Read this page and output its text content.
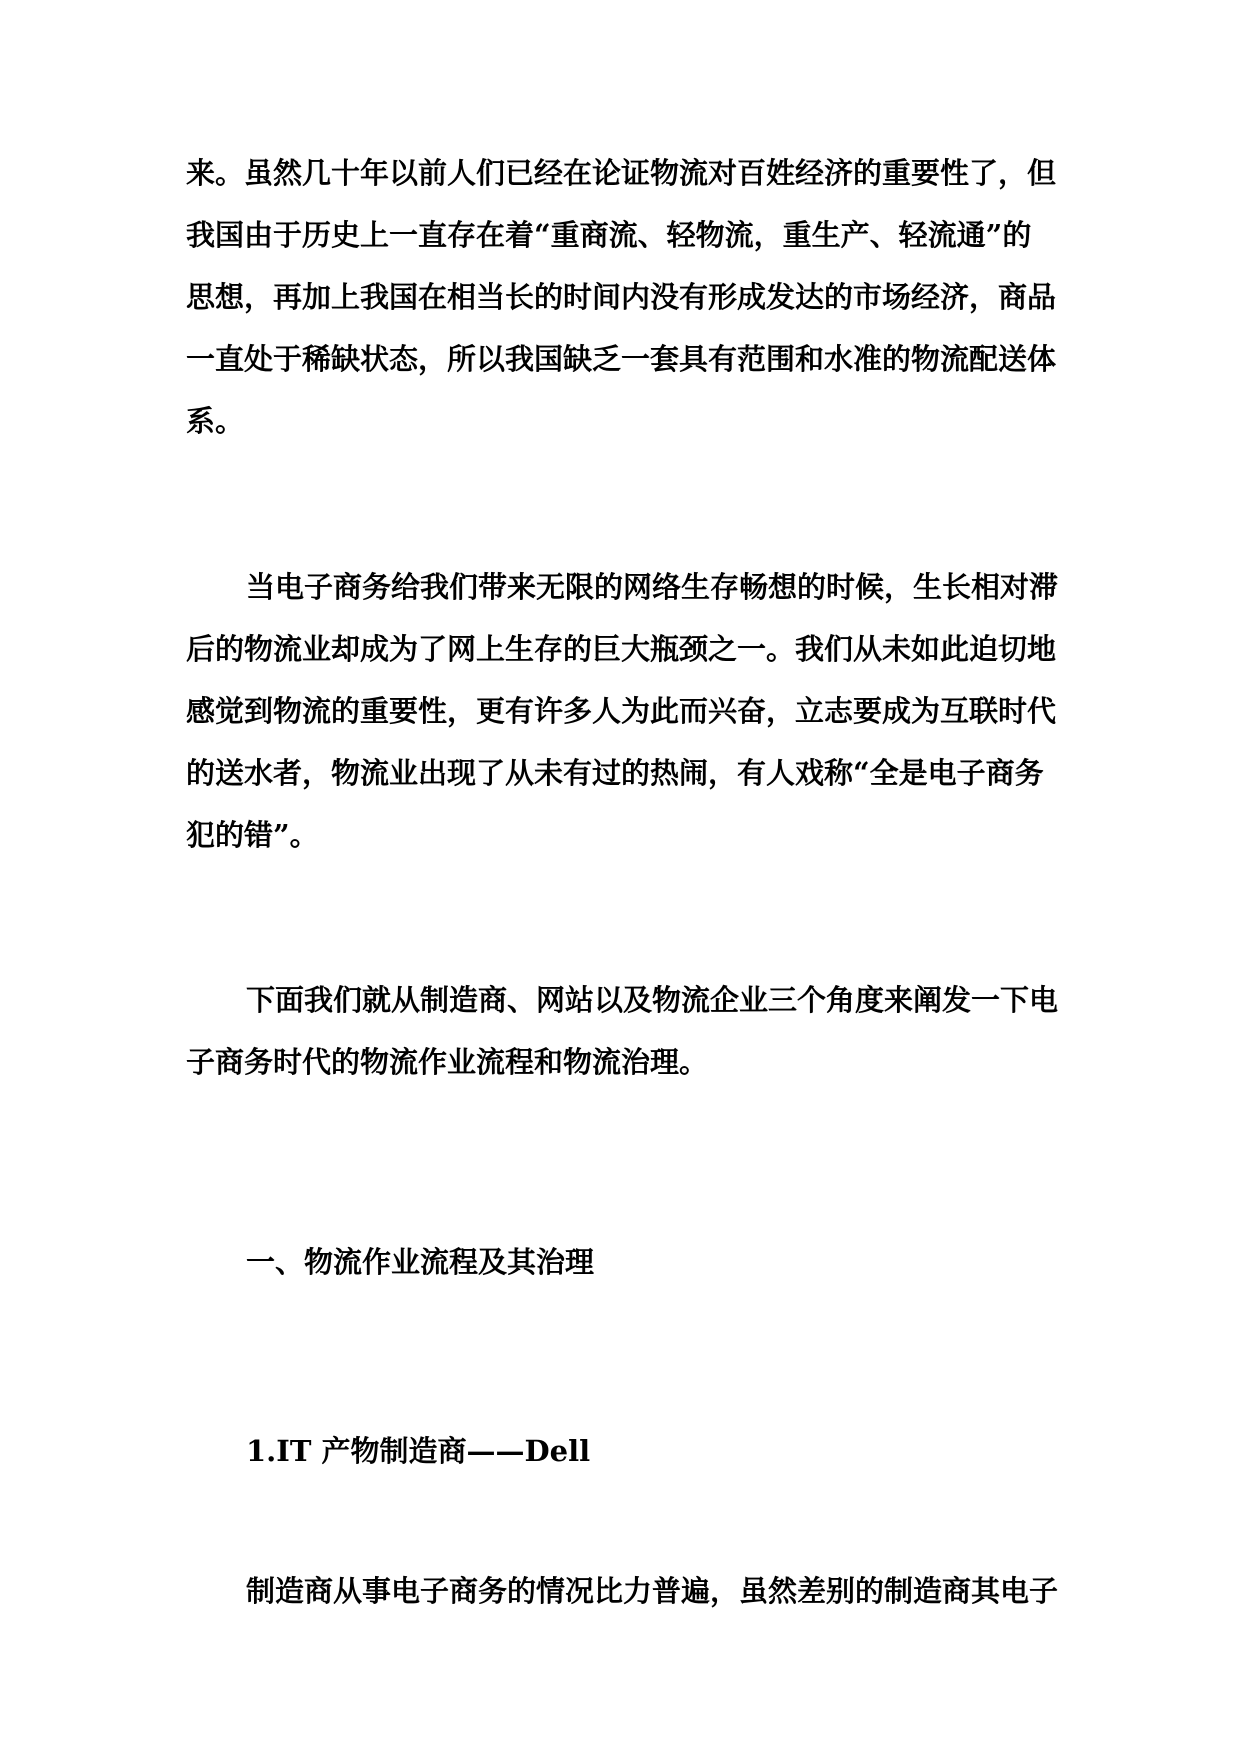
来。虽然几十年以前人们已经在论证物流对百姓经济的重要性了，但
我国由于历史上一直存在着“重商流、轻物流，重生产、轻流通”的
思想，再加上我国在相当长的时间内没有形成发达的市场经济，商品
一直处于稀缺状态，所以我国缺乏一套具有范围和水准的物流配送体
系。
当电子商务给我们带来无限的网络生存畅想的时候，生长相对滞
后的物流业却成为了网上生存的巨大瓶颈之一。我们从未如此迫切地
感觉到物流的重要性，更有许多人为此而兴奋，立志要成为互联时代
的送水者，物流业出现了从未有过的热闹，有人戏称“全是电子商务
犯的错”。
下面我们就从制造商、网站以及物流企业三个角度来阐发一下电
子商务时代的物流作业流程和物流治理。
一、物流作业流程及其治理
1.IT 产物制造商——Dell
制造商从事电子商务的情况比力普遍，虽然差别的制造商其电子
